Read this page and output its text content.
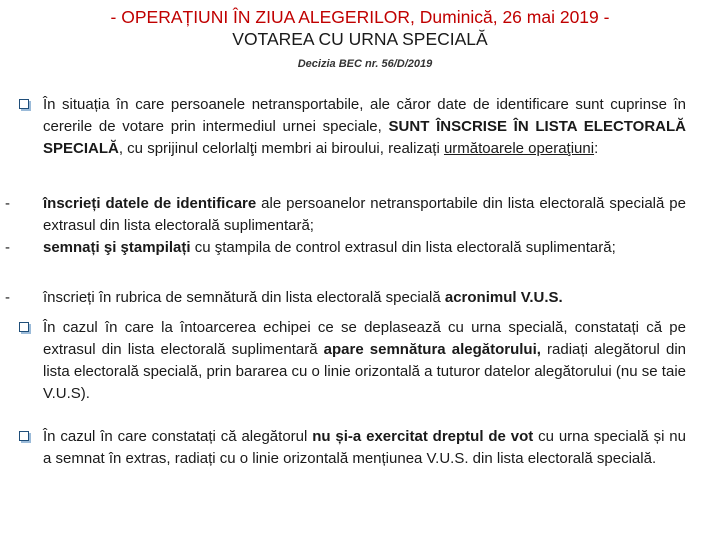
- OPERAȚIUNI ÎN ZIUA ALEGERILOR, Duminică, 26 mai 2019 -
VOTAREA CU URNA SPECIALĂ
Decizia BEC nr. 56/D/2019
În situația în care persoanele netransportabile, ale căror date de identificare sunt cuprinse în cererile de votare prin intermediul urnei speciale, SUNT ÎNSCRISE ÎN LISTA ELECTORALĂ SPECIALĂ, cu sprijinul celorlalţi membri ai biroului, realizați următoarele operaţiuni:
-	înscrieți datele de identificare ale persoanelor netransportabile din lista electorală specială pe extrasul din lista electorală suplimentară;
-	semnați şi ştampilați cu ştampila de control extrasul din lista electorală suplimentară;
-	înscrieți în rubrica de semnătură din lista electorală specială acronimul V.U.S.
În cazul în care la întoarcerea echipei ce se deplasează cu urna specială, constatați că pe extrasul din lista electorală suplimentară apare semnătura alegătorului, radiați alegătorul din lista electorală specială, prin bararea cu o linie orizontală a tuturor datelor alegătorului (nu se taie V.U.S).
În cazul în care constatați că alegătorul nu și-a exercitat dreptul de vot cu urna specială și nu a semnat în extras, radiați cu o linie orizontală mențiunea V.U.S. din lista electorală specială.
